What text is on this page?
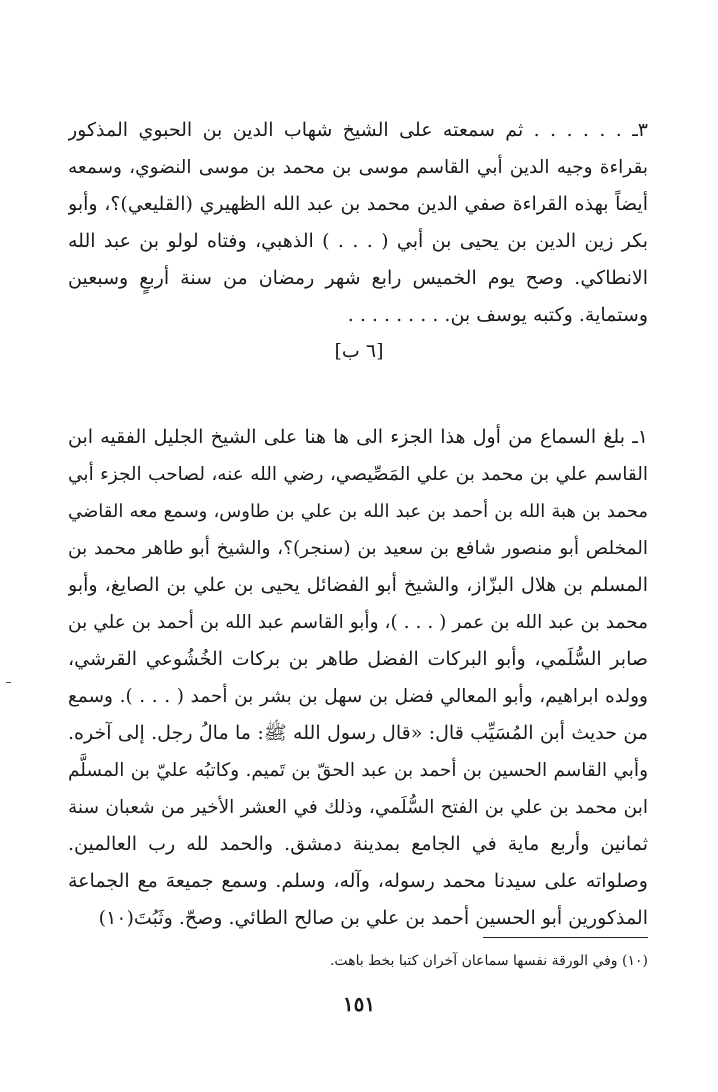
٣ـ . . . . . . ثم سمعته على الشيخ شهاب الدين بن الحبوي المذكور
بقراءة وجيه الدين أبي القاسم موسى بن محمد بن موسى النضوي، وسمعه
أيضاً بهذه القراءة صفي الدين محمد بن عبد الله الظهيري (القليعي)؟، وأبو
بكر زين الدين بن يحيى بن أبي ( . . . ) الذهبي، وفتاه لولو بن عبد الله
الانطاكي. وصح يوم الخميس رابع شهر رمضان من سنة أربعٍ وسبعين
وستماية. وكتبه يوسف بن. . . . . . . . .
[٦ ب]
١ـ بلغ السماع من أول هذا الجزء الى ها هنا على الشيخ الجليل الفقيه ابن
القاسم علي بن محمد بن علي المَصِّيصي، رضي الله عنه، لصاحب الجزء أبي
محمد بن هبة الله بن أحمد بن عبد الله بن علي بن طاوس، وسمع معه القاضي
المخلص أبو منصور شافع بن سعيد بن (سنجر)؟، والشيخ أبو طاهر محمد بن
المسلم بن هلال البزّاز، والشيخ أبو الفضائل يحيى بن علي بن الصايغ، وأبو
محمد بن عبد الله بن عمر ( . . . )، وأبو القاسم عبد الله بن أحمد بن علي بن
صابر السُّلَمي، وأبو البركات الفضل طاهر بن بركات الخُشُوعي القرشي،
وولده ابراهيم، وأبو المعالي فضل بن سهل بن بشر بن أحمد ( . . . ). وسمع
من حديث أبن المُسَيِّب قال: «قال رسول الله ﷺ: ما مالُ رجل. إلى آخره.
وأبي القاسم الحسين بن أحمد بن عبد الحقّ بن تَميم. وكاتبُه عليّ بن المسلَّم
ابن محمد بن علي بن الفتح السُّلَمي، وذلك في العشر الأخير من شعبان سنة
ثمانين وأربع ماية في الجامع بمدينة دمشق. والحمد لله رب العالمين.
وصلواته على سيدنا محمد رسوله، وآله، وسلم. وسمع جميعهَ مع الجماعة
المذكورين أبو الحسين أحمد بن علي بن صالح الطائي. وصحّ. وثَبُتَ(١٠)
(١٠) وفي الورقة نفسها سماعان آخران كتبا بخط باهت.
١٥١
